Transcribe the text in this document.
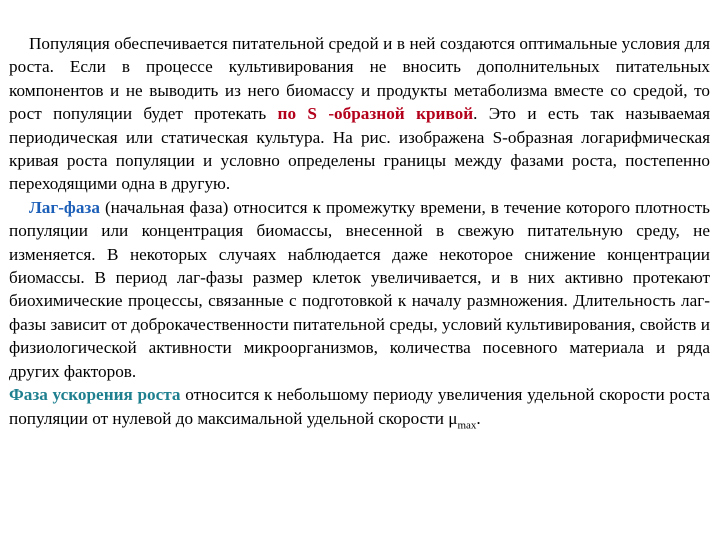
Популяция обеспечивается питательной средой и в ней создаются оптимальные условия для роста. Если в процессе культивирования не вносить дополнительных питательных компонентов и не выводить из него биомассу и продукты метаболизма вместе со средой, то рост популяции будет протекать по S -образной кривой. Это и есть так называемая периодическая или статическая культура. На рис. изображена S-образная логарифмическая кривая роста популяции и условно определены границы между фазами роста, постепенно переходящими одна в другую.

Лаг-фаза (начальная фаза) относится к промежутку времени, в течение которого плотность популяции или концентрация биомассы, внесенной в свежую питательную среду, не изменяется. В некоторых случаях наблюдается даже некоторое снижение концентрации биомассы. В период лаг-фазы размер клеток увеличивается, и в них активно протекают биохимические процессы, связанные с подготовкой к началу размножения. Длительность лаг-фазы зависит от доброкачественности питательной среды, условий культивирования, свойств и физиологической активности микроорганизмов, количества посевного материала и ряда других факторов.

Фаза ускорения роста относится к небольшому периоду увеличения удельной скорости роста популяции от нулевой до максимальной удельной скорости $\mu_{max}$.
